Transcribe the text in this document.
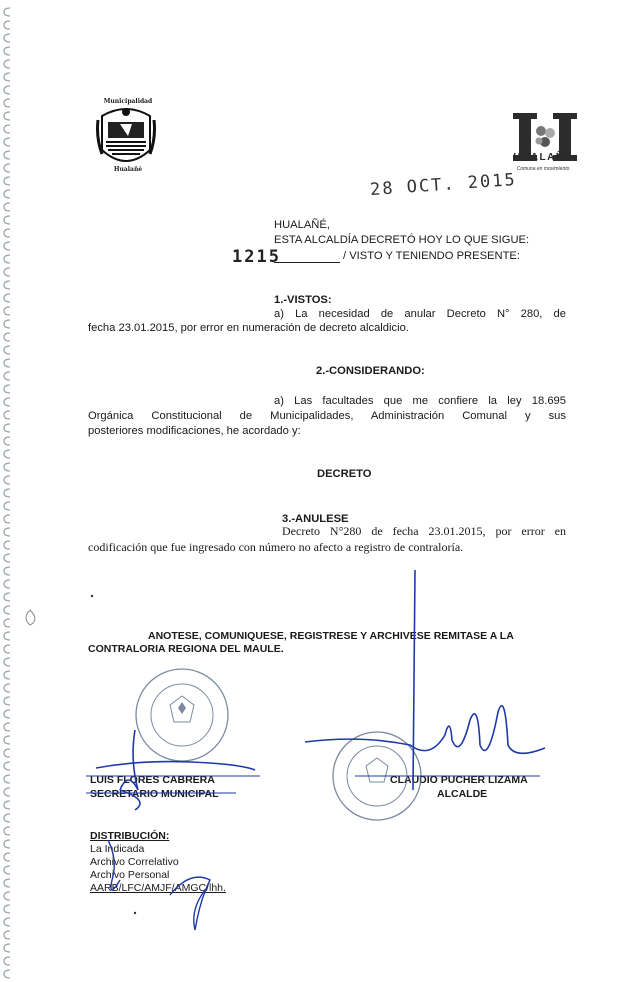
Municipalidad
Hualañé
HUALAÑE
Comuna en movimiento
28 OCT. 2015
HUALAÑÉ,
ESTA ALCALDÍA DECRETÓ HOY LO QUE SIGUE:
1215	/ VISTO Y TENIENDO PRESENTE:
1.-VISTOS:
a) La necesidad de anular Decreto N° 280, de
fecha 23.01.2015, por error en numeración de decreto alcaldicio.
2.-CONSIDERANDO:
a) Las facultades que me confiere la ley 18.695
Orgánica Constitucional de Municipalidades, Administración Comunal y sus
posteriores modificaciones, he acordado y:
DECRETO
3.-ANULESE
Decreto N°280 de fecha 23.01.2015, por error en
codificación que fue ingresado con número no afecto a registro de contraloría.
ANOTESE, COMUNIQUESE, REGISTRESE Y ARCHIVESE REMITASE A LA
CONTRALORIA REGIONA DEL MAULE.
LUIS FLORES CABRERA
SECRETARIO MUNICIPAL
CLAUDIO PUCHER LIZAMA
ALCALDE
DISTRIBUCIÓN:
La Indicada
Archivo Correlativo
Archivo Personal
AARB/LFC/AMJF/AMGC/lhh.
